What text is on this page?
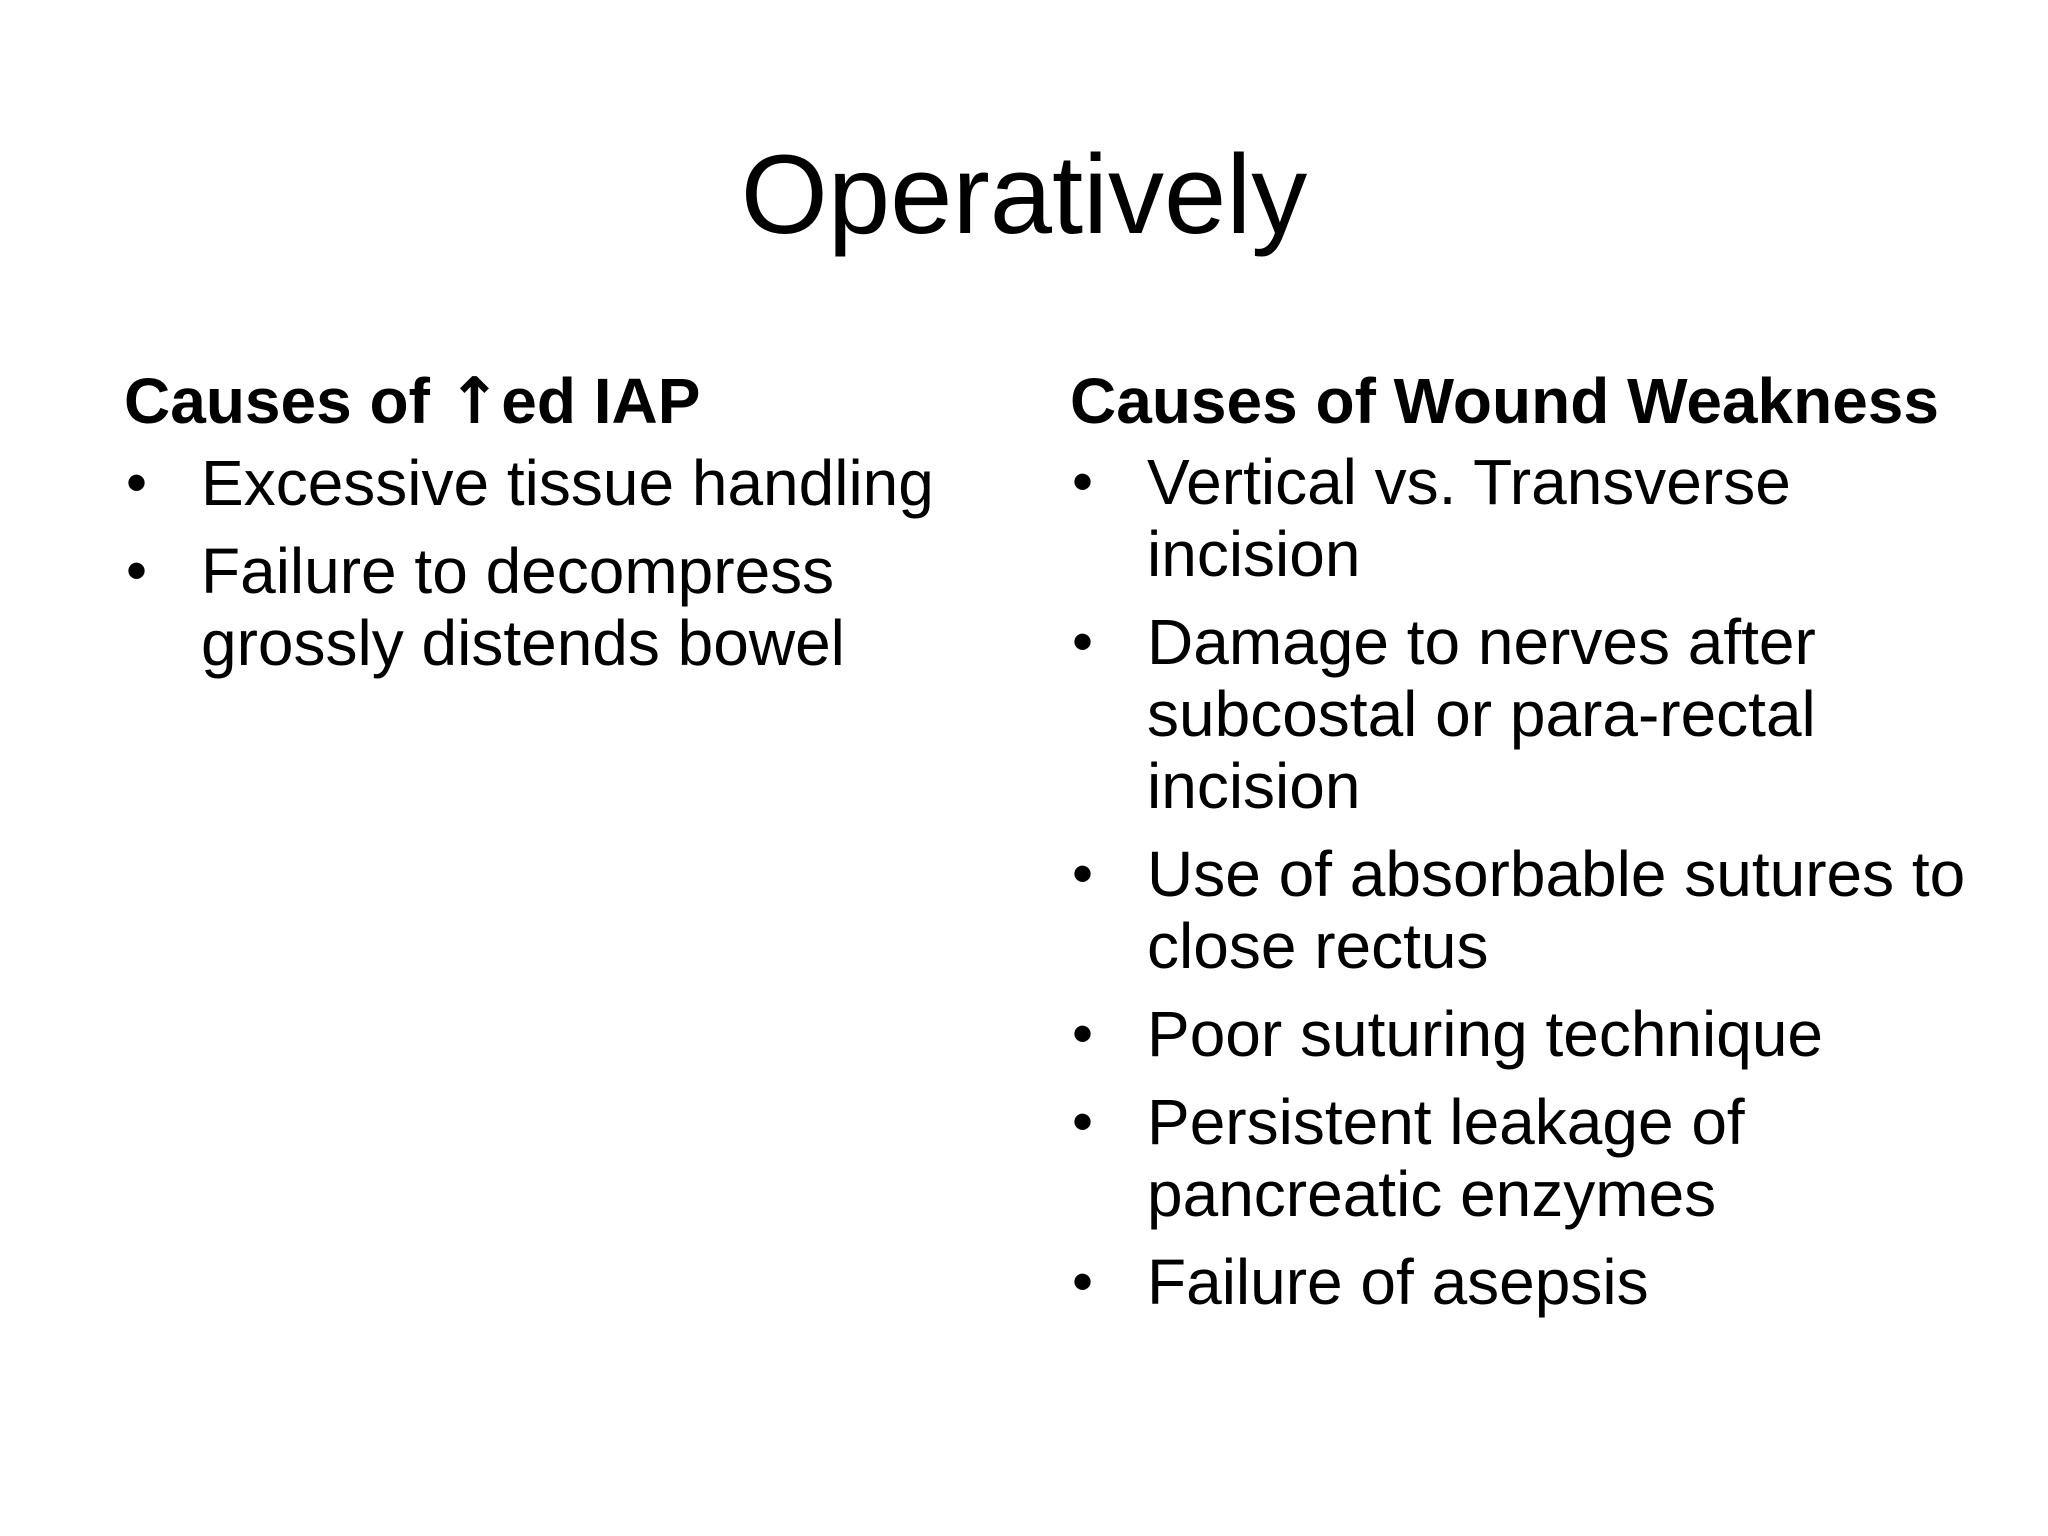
Operatively
Causes of ↑ed IAP
• Excessive tissue handling
• Failure to decompress grossly distends bowel
Causes of Wound Weakness
• Vertical vs. Transverse incision
• Damage to nerves after subcostal or para-rectal incision
• Use of absorbable sutures to close rectus
• Poor suturing technique
• Persistent leakage of pancreatic enzymes
• Failure of asepsis
